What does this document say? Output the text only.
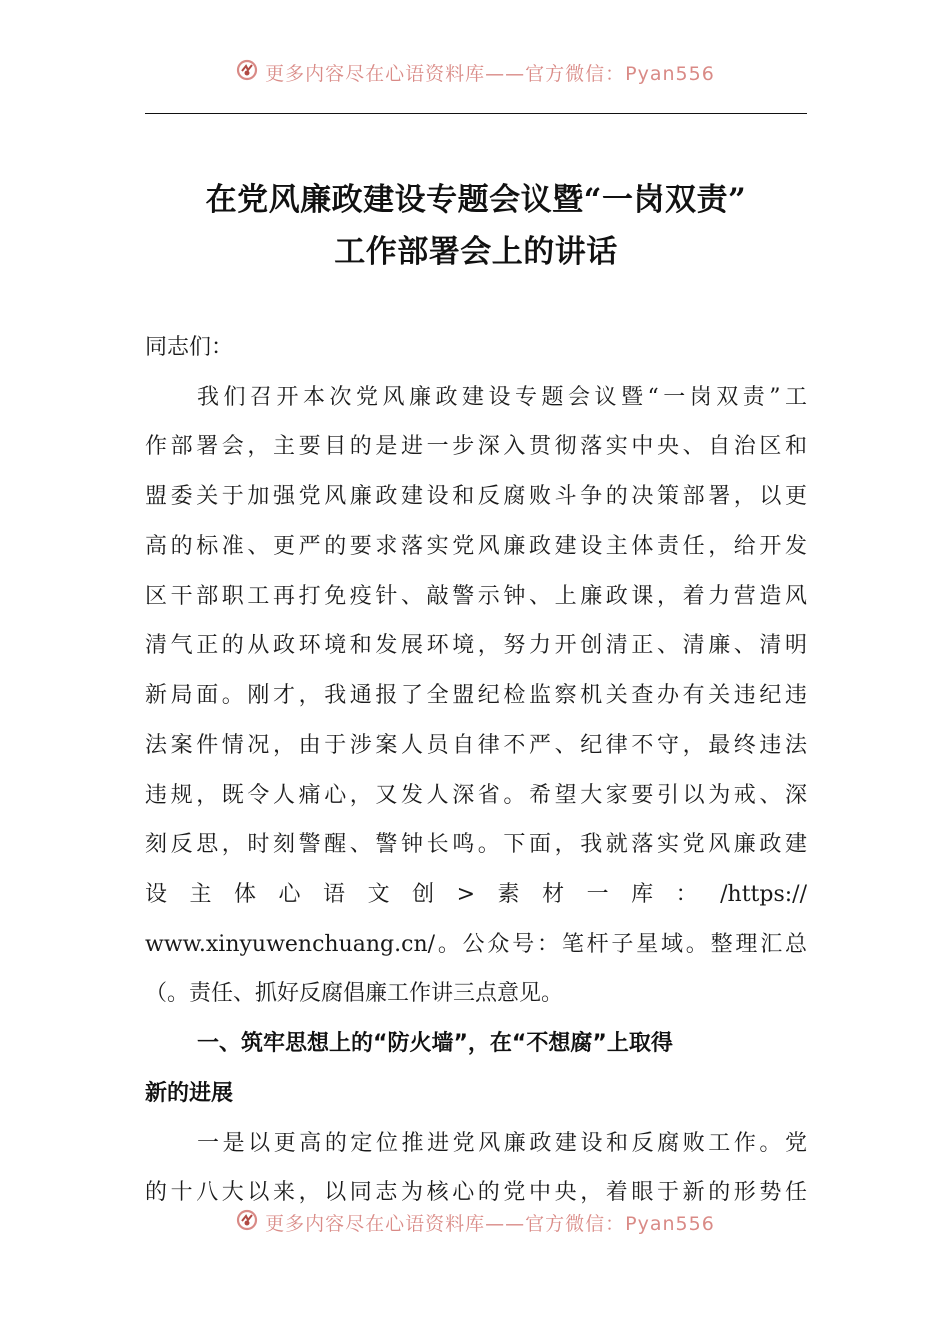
更多内容尽在心语资料库——官方微信：Pyan556
在党风廉政建设专题会议暨“一岗双责”
工作部署会上的讲话
同志们：
我们召开本次党风廉政建设专题会议暨“一岗双责”工
作部署会，主要目的是进一步深入贯彻落实中央、自治区和
盟委关于加强党风廉政建设和反腐败斗争的决策部署，以更
高的标准、更严的要求落实党风廉政建设主体责任，给开发
区干部职工再打免疫针、敲警示钟、上廉政课，着力营造风
清气正的从政环境和发展环境，努力开创清正、清廉、清明
新局面。刚才，我通报了全盟纪检监察机关查办有关违纪违
法案件情况，由于涉案人员自律不严、纪律不守，最终违法
违规，既令人痛心，又发人深省。希望大家要引以为戒、深
刻反思，时刻警醒、警钟长鸣。下面，我就落实党风廉政建
设主体心语文创>素材一库：/https://
www.xinyuwenchuang.cn/。公众号：笔杆子星域。整理汇总
（。责任、抓好反腐倡廉工作讲三点意见。
一、筑牢思想上的“防火墙”，在“不想腐”上取得
新的进展
一是以更高的定位推进党风廉政建设和反腐败工作。党
的十八大以来，以同志为核心的党中央，着眼于新的形势任
更多内容尽在心语资料库——官方微信：Pyan556
